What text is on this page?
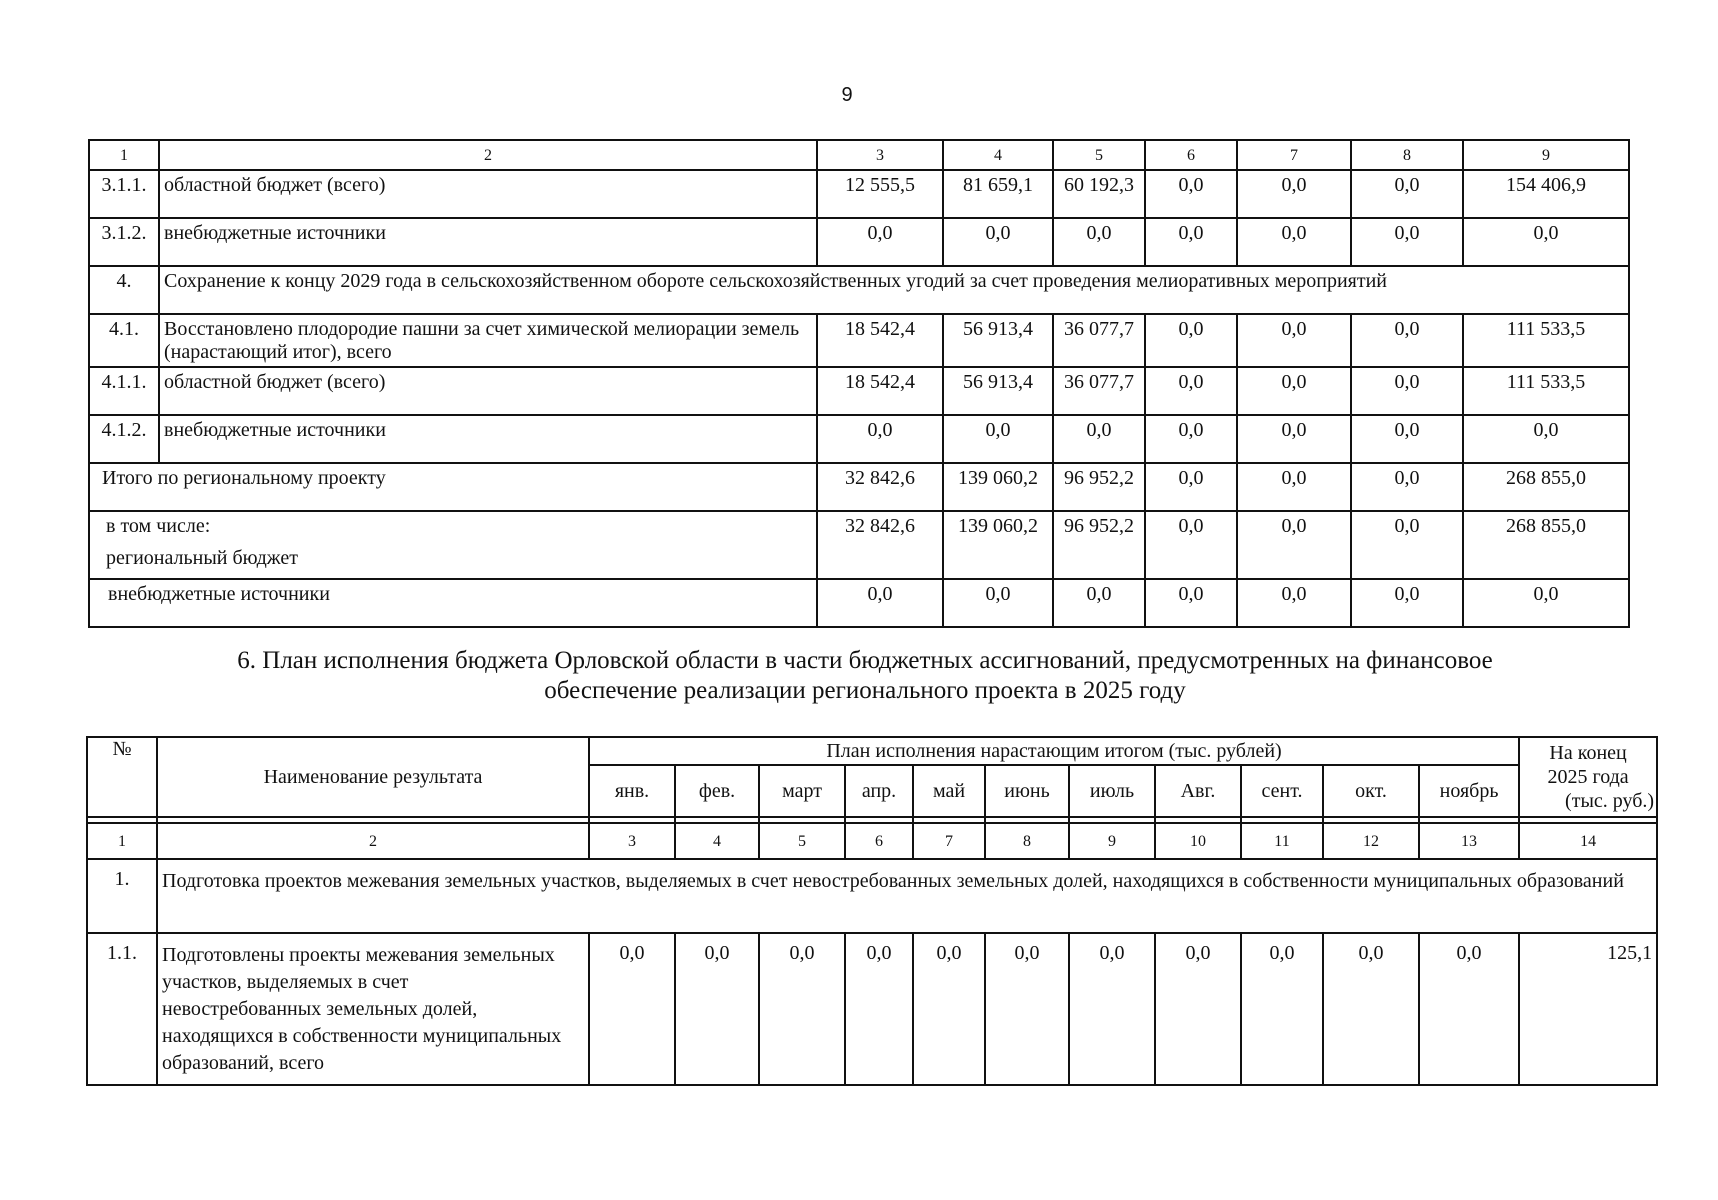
9
1	2	3	4	5	6	7	8	9
3.1.1.	областной бюджет (всего)	12 555,5	81 659,1	60 192,3	0,0	0,0	0,0	154 406,9
3.1.2.	внебюджетные источники	0,0	0,0	0,0	0,0	0,0	0,0	0,0
4.	Сохранение к концу 2029 года в сельскохозяйственном обороте сельскохозяйственных угодий за счет проведения мелиоративных мероприятий							
4.1.	Восстановлено плодородие пашни за счет химической мелиорации земель (нарастающий итог), всего	18 542,4	56 913,4	36 077,7	0,0	0,0	0,0	111 533,5
4.1.1.	областной бюджет (всего)	18 542,4	56 913,4	36 077,7	0,0	0,0	0,0	111 533,5
4.1.2.	внебюджетные источники	0,0	0,0	0,0	0,0	0,0	0,0	0,0
Итого по региональному проекту		32 842,6	139 060,2	96 952,2	0,0	0,0	0,0	268 855,0

в том числе:
региональный бюджет		32 842,6	139 060,2	96 952,2	0,0	0,0	0,0	268 855,0
внебюджетные источники		0,0	0,0	0,0	0,0	0,0	0,0	0,0
6. План исполнения бюджета Орловской области в части бюджетных ассигнований, предусмотренных на финансовое
обеспечение реализации регионального проекта в 2025 году
№	Наименование результата	План исполнения нарастающим итогом (тыс. рублей)											На конец
2025 года
(тыс. руб.)

		янв.	фев.	март	апр.	май	июнь	июль	Авг.	сент.	окт.	ноябрь	

1	2	3	4	5	6	7	8	9	10	11	12	13	14
1.	Подготовка проектов межевания земельных участков, выделяемых в счет невостребованных земельных долей, находящихся в собственности муниципальных образований												
1.1.	Подготовлены проекты межевания земельных участков, выделяемых в счет невостребованных земельных долей, находящихся в собственности муниципальных образований, всего	0,0	0,0	0,0	0,0	0,0	0,0	0,0	0,0	0,0	0,0	0,0	125,1
